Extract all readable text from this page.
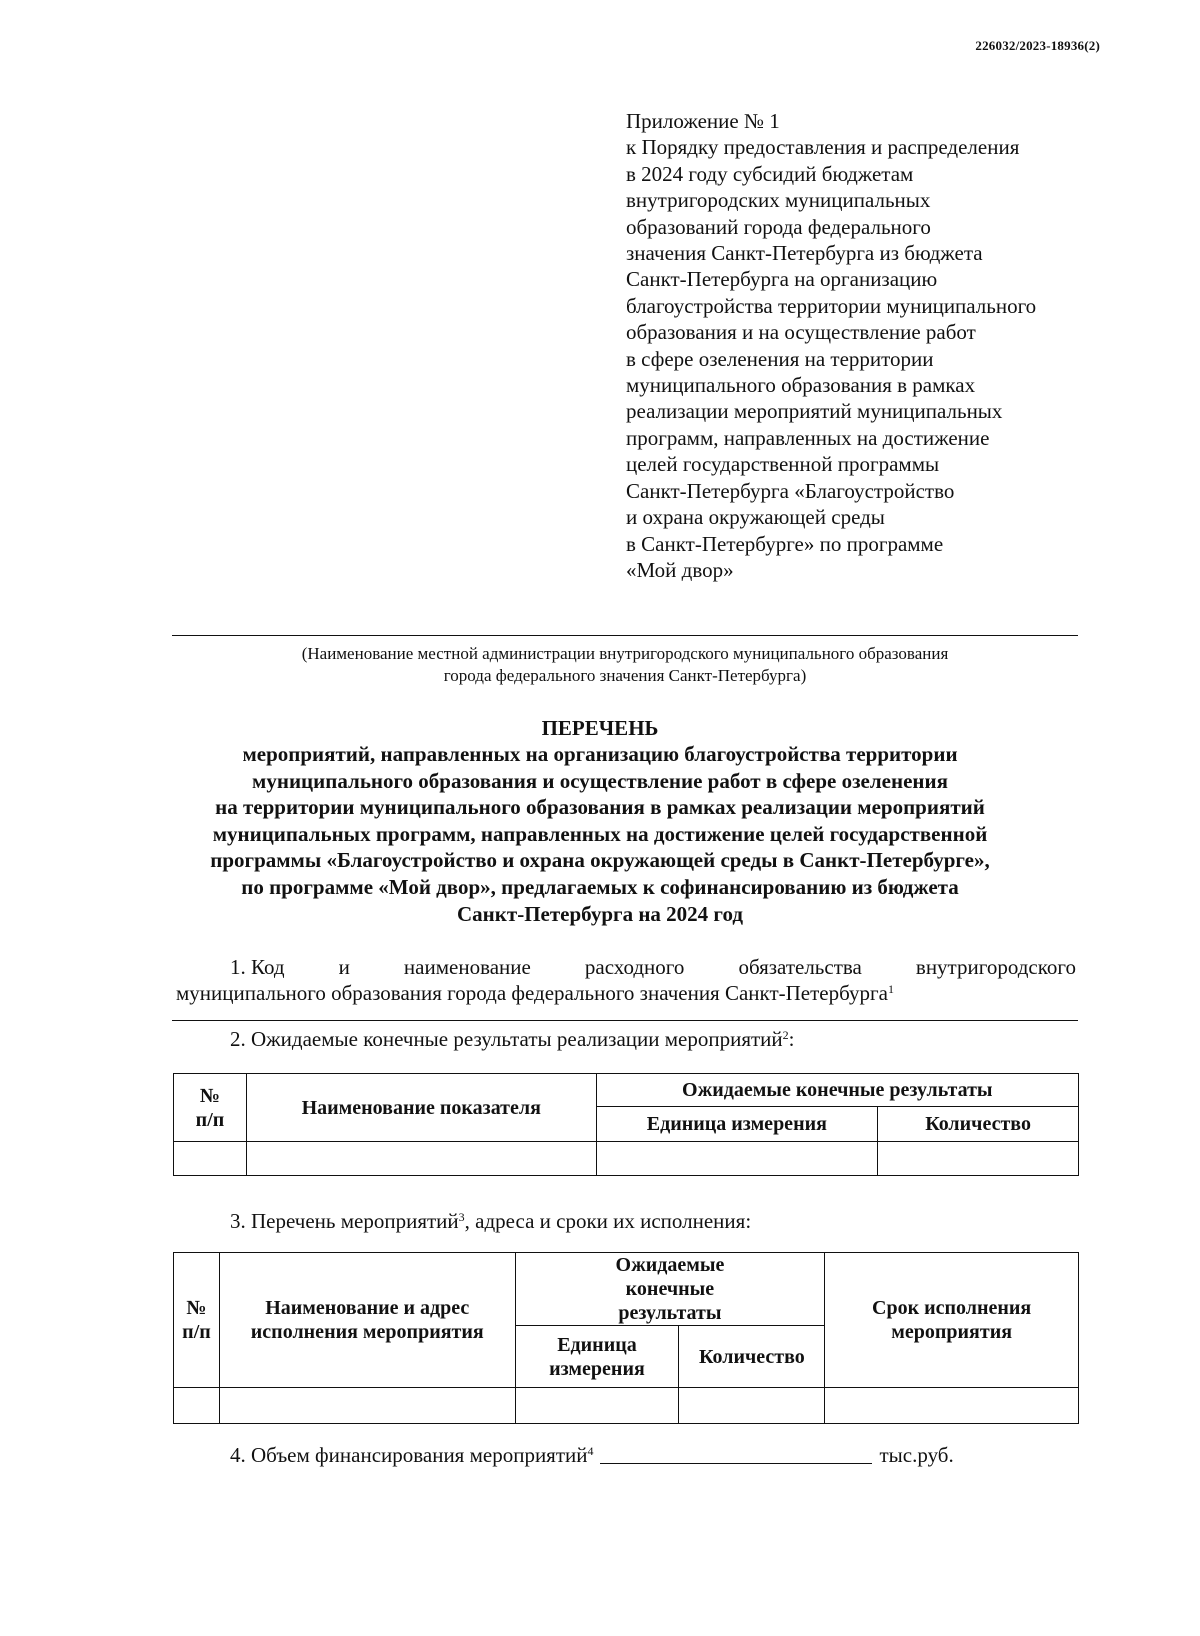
226032/2023-18936(2)
Приложение № 1
к Порядку предоставления и распределения
в 2024 году субсидий бюджетам
внутригородских муниципальных
образований города федерального
значения Санкт-Петербурга из бюджета
Санкт-Петербурга на организацию
благоустройства территории муниципального
образования и на осуществление работ
в сфере озеленения на территории
муниципального образования в рамках
реализации мероприятий муниципальных
программ, направленных на достижение
целей государственной программы
Санкт-Петербурга «Благоустройство
и охрана окружающей среды
в Санкт-Петербурге» по программе
«Мой двор»
(Наименование местной администрации внутригородского муниципального образования
города федерального значения Санкт-Петербурга)
ПЕРЕЧЕНЬ
мероприятий, направленных на организацию благоустройства территории
муниципального образования и осуществление работ в сфере озеленения
на территории муниципального образования в рамках реализации мероприятий
муниципальных программ, направленных на достижение целей государственной
программы «Благоустройство и охрана окружающей среды в Санкт-Петербурге»,
по программе «Мой двор», предлагаемых к софинансированию из бюджета
Санкт-Петербурга на 2024 год
1. Код	и	наименование	расходного	обязательства	внутригородского
муниципального образования города федерального значения Санкт-Петербурга$^1$
2. Ожидаемые конечные результаты реализации мероприятий$^2$:
№ п/п	Наименование показателя	Ожидаемые конечные результаты	
		Единица измерения	Количество

3. Перечень мероприятий$^3$, адреса и сроки их исполнения:
№ п/п	Наименование и адрес исполнения мероприятия	Ожидаемые конечные результаты		Срок исполнения мероприятия
		Единица измерения	Количество	

4. Объем финансирования мероприятий$^4$	тыс.руб.
